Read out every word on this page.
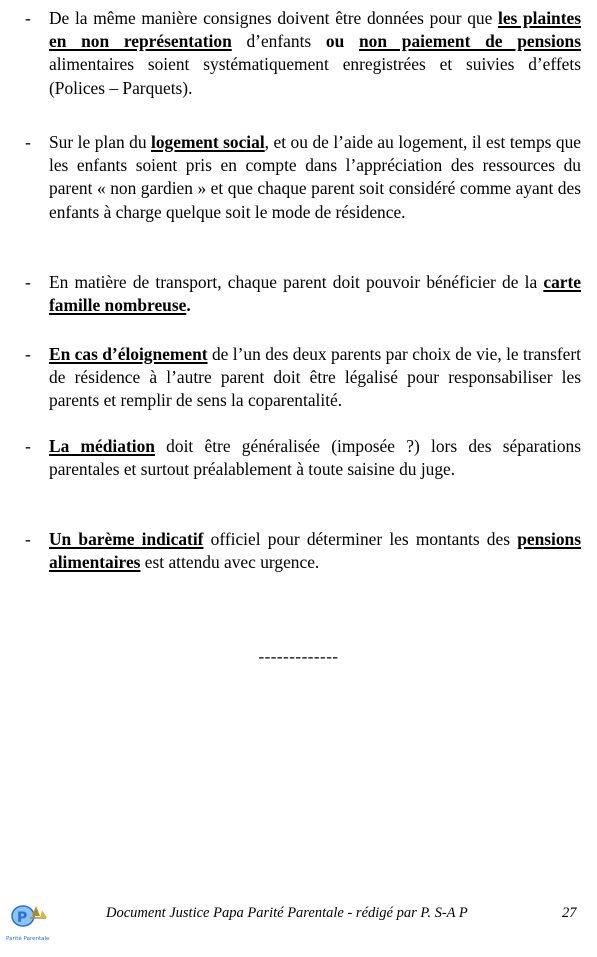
-	De la même manière consignes doivent être données pour que les plaintes en non représentation d’enfants ou non paiement de pensions alimentaires soient systématiquement enregistrées et suivies d’effets (Polices – Parquets).
-	Sur le plan du logement social, et ou de l’aide au logement, il est temps que les enfants soient pris en compte dans l’appréciation des ressources du parent « non gardien » et que chaque parent soit considéré comme ayant des enfants à charge quelque soit le mode de résidence.
-	En matière de transport, chaque parent doit pouvoir bénéficier de la carte famille nombreuse.
-	En cas d’éloignement de l’un des deux parents par choix de vie, le transfert de résidence à l’autre parent doit être légalisé pour responsabiliser les parents et remplir de sens la coparentalité.
-	La médiation doit être généralisée (imposée ?) lors des séparations parentales et surtout préalablement à toute saisine du juge.
-	Un barème indicatif officiel pour déterminer les montants des pensions alimentaires est attendu avec urgence.
-------------
P
Parité Parentale
Document Justice Papa Parité Parentale - rédigé par P. S-A P	27
